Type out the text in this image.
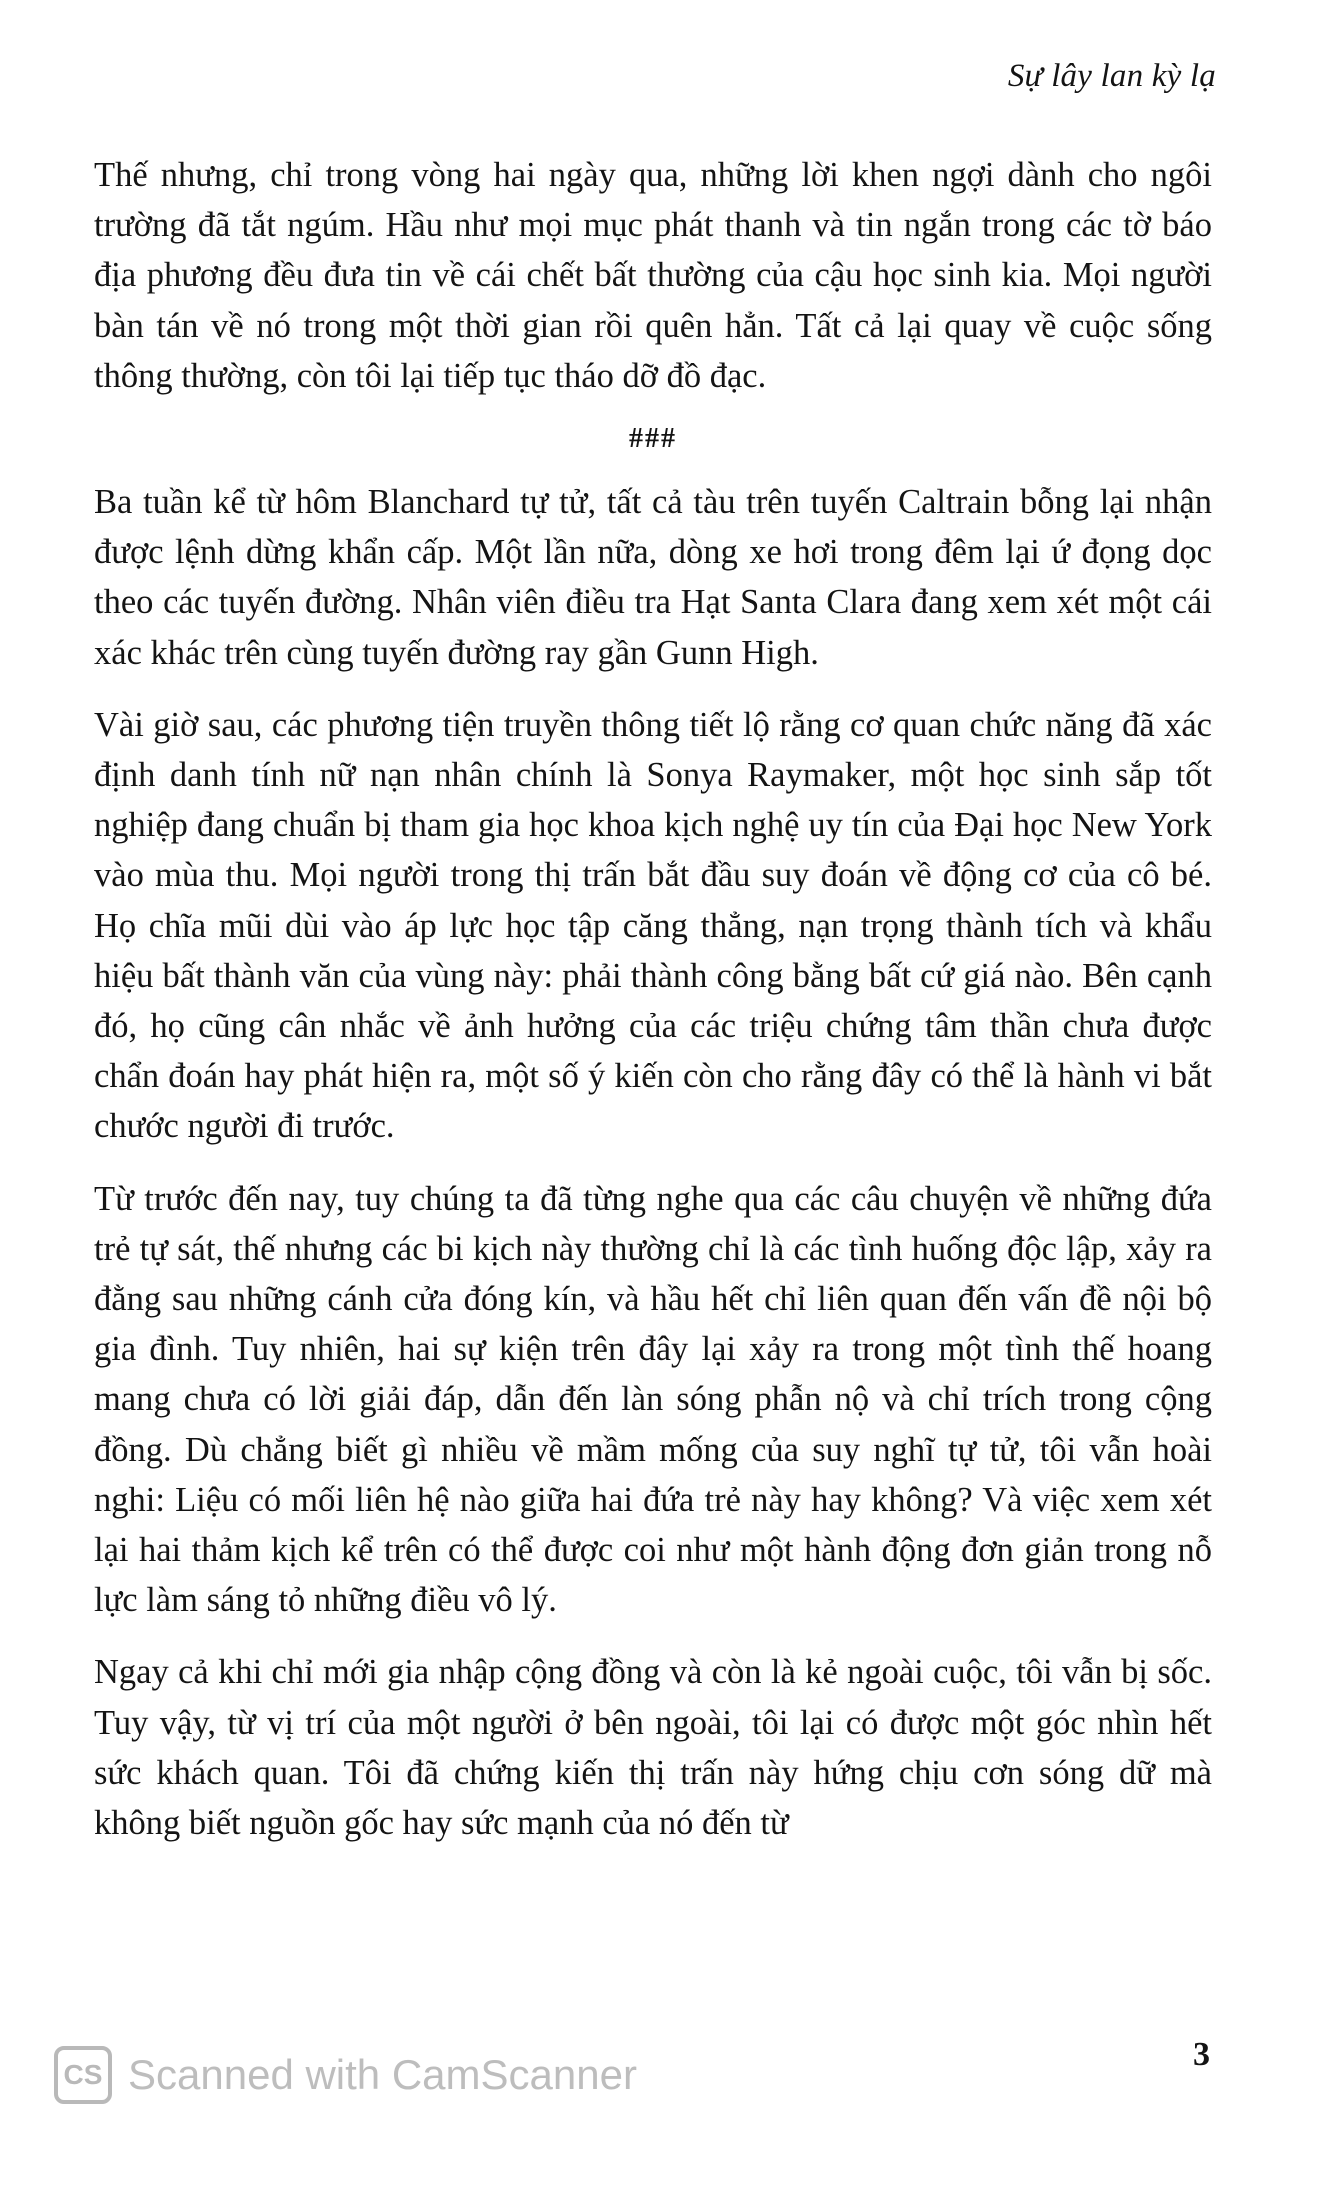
Sự lây lan kỳ lạ

Thế nhưng, chỉ trong vòng hai ngày qua, những lời khen ngợi dành cho ngôi trường đã tắt ngúm. Hầu như mọi mục phát thanh và tin ngắn trong các tờ báo địa phương đều đưa tin về cái chết bất thường của cậu học sinh kia. Mọi người bàn tán về nó trong một thời gian rồi quên hẳn. Tất cả lại quay về cuộc sống thông thường, còn tôi lại tiếp tục tháo dỡ đồ đạc.

###

Ba tuần kể từ hôm Blanchard tự tử, tất cả tàu trên tuyến Caltrain bỗng lại nhận được lệnh dừng khẩn cấp. Một lần nữa, dòng xe hơi trong đêm lại ứ đọng dọc theo các tuyến đường. Nhân viên điều tra Hạt Santa Clara đang xem xét một cái xác khác trên cùng tuyến đường ray gần Gunn High.

Vài giờ sau, các phương tiện truyền thông tiết lộ rằng cơ quan chức năng đã xác định danh tính nữ nạn nhân chính là Sonya Raymaker, một học sinh sắp tốt nghiệp đang chuẩn bị tham gia học khoa kịch nghệ uy tín của Đại học New York vào mùa thu. Mọi người trong thị trấn bắt đầu suy đoán về động cơ của cô bé. Họ chĩa mũi dùi vào áp lực học tập căng thẳng, nạn trọng thành tích và khẩu hiệu bất thành văn của vùng này: phải thành công bằng bất cứ giá nào. Bên cạnh đó, họ cũng cân nhắc về ảnh hưởng của các triệu chứng tâm thần chưa được chẩn đoán hay phát hiện ra, một số ý kiến còn cho rằng đây có thể là hành vi bắt chước người đi trước.

Từ trước đến nay, tuy chúng ta đã từng nghe qua các câu chuyện về những đứa trẻ tự sát, thế nhưng các bi kịch này thường chỉ là các tình huống độc lập, xảy ra đằng sau những cánh cửa đóng kín, và hầu hết chỉ liên quan đến vấn đề nội bộ gia đình. Tuy nhiên, hai sự kiện trên đây lại xảy ra trong một tình thế hoang mang chưa có lời giải đáp, dẫn đến làn sóng phẫn nộ và chỉ trích trong cộng đồng. Dù chẳng biết gì nhiều về mầm mống của suy nghĩ tự tử, tôi vẫn hoài nghi: Liệu có mối liên hệ nào giữa hai đứa trẻ này hay không? Và việc xem xét lại hai thảm kịch kể trên có thể được coi như một hành động đơn giản trong nỗ lực làm sáng tỏ những điều vô lý.

Ngay cả khi chỉ mới gia nhập cộng đồng và còn là kẻ ngoài cuộc, tôi vẫn bị sốc. Tuy vậy, từ vị trí của một người ở bên ngoài, tôi lại có được một góc nhìn hết sức khách quan. Tôi đã chứng kiến thị trấn này hứng chịu cơn sóng dữ mà không biết nguồn gốc hay sức mạnh của nó đến từ

3
CS Scanned with CamScanner
